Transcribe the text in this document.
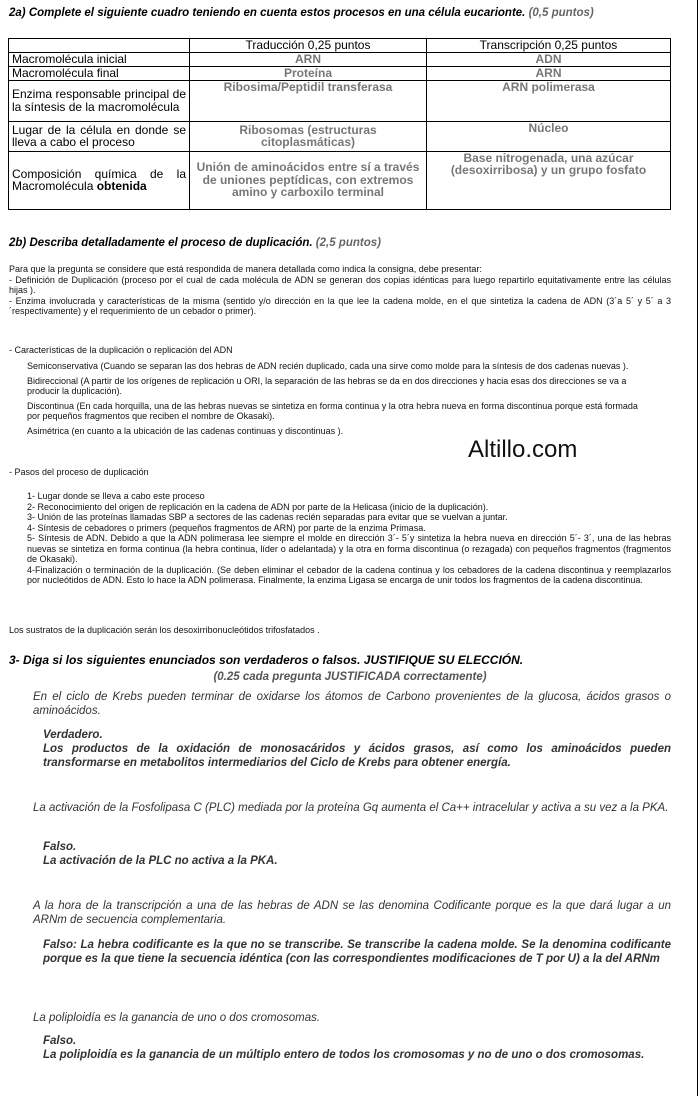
2a) Complete el siguiente cuadro teniendo en cuenta estos procesos en una célula eucarionte. (0,5 puntos)
	Traducción 0,25 puntos	Transcripción 0,25 puntos
Macromolécula inicial	ARN	ADN
Macromolécula final	Proteína	ARN
Enzima responsable principal de la síntesis de la macromolécula	Ribosima/Peptidil transferasa	ARN polimerasa
Lugar de la célula en donde se lleva a cabo el proceso	Ribosomas (estructuras citoplasmáticas)	Núcleo
Composición química de la Macromolécula obtenida	Unión de aminoácidos entre sí a través de uniones peptídicas, con extremos amino y carboxilo terminal	Base nitrogenada, una azúcar (desoxirribosa) y un grupo fosfato
2b) Describa detalladamente el proceso de duplicación. (2,5 puntos)

Para que la pregunta se considere que está respondida de manera detallada como indica la consigna, debe presentar:

- Definición de Duplicación (proceso por el cual de cada molécula de ADN se generan dos copias idénticas para luego repartirlo equitativamente entre las células hijas ).

- Enzima involucrada y características de la misma (sentido y/o dirección en la que lee la cadena molde, en el que sintetiza la cadena de ADN (3´a 5´ y 5´ a 3´respectivamente) y el requerimiento de un cebador o primer).

- Características de la duplicación o replicación del ADN

Semiconservativa (Cuando se separan las dos hebras de ADN recién duplicado, cada una sirve como molde para la síntesis de dos cadenas nuevas ).

Bidireccional (A partir de los orígenes de replicación u ORI, la separación de las hebras se da en dos direcciones y hacia esas dos direcciones se va a producir la duplicación).

Discontinua (En cada horquilla, una de las hebras nuevas se sintetiza en forma continua y la otra hebra nueva en forma discontinua porque está formada por pequeños fragmentos que reciben el nombre de Okasaki).

Asimétrica (en cuanto a la ubicación de las cadenas continuas y discontinuas ).

Altillo.com
- Pasos del proceso de duplicación

1- Lugar donde se lleva a cabo este proceso

2- Reconocimiento del origen de replicación en la cadena de ADN por parte de la Helicasa (inicio de la duplicación).

3- Unión de las proteínas llamadas SBP a sectores de las cadenas recién separadas para evitar que se vuelvan a juntar.

4- Síntesis de cebadores o primers (pequeños fragmentos de ARN) por parte de la enzima Primasa.

5- Síntesis de ADN. Debido a que la ADN polimerasa lee siempre el molde en dirección 3´- 5´y sintetiza la hebra nueva en dirección 5´- 3´, una de las hebras nuevas se sintetiza en forma continua (la hebra continua, líder o adelantada) y la otra en forma discontinua (o rezagada) con pequeños fragmentos (fragmentos de Okasaki).

4-Finalización o terminación de la duplicación. (Se deben eliminar el cebador de la cadena continua y los cebadores de la cadena discontinua y reemplazarlos por nucleótidos de ADN. Esto lo hace la ADN polimerasa. Finalmente, la enzima Ligasa se encarga de unir todos los fragmentos de la cadena discontinua.

Los sustratos de la duplicación serán los desoxirribonucleótidos trifosfatados .
3- Diga si los siguientes enunciados son verdaderos o falsos. JUSTIFIQUE SU ELECCIÓN.
(0.25 cada pregunta JUSTIFICADA correctamente)
En el ciclo de Krebs pueden terminar de oxidarse los átomos de Carbono provenientes de la glucosa, ácidos grasos o aminoácidos.

Verdadero.

Los productos de la oxidación de monosacáridos y ácidos grasos, así como los aminoácidos pueden transformarse en metabolitos intermediarios del Ciclo de Krebs para obtener energía.

La activación de la Fosfolipasa C (PLC) mediada por la proteína Gq aumenta el Ca++ intracelular y activa a su vez a la PKA.

Falso.

La activación de la PLC no activa a la PKA.

A la hora de la transcripción a una de las hebras de ADN se las denomina Codificante porque es la que dará lugar a un ARNm de secuencia complementaria.

Falso: La hebra codificante es la que no se transcribe. Se transcribe la cadena molde. Se la denomina codificante porque es la que tiene la secuencia idéntica (con las correspondientes modificaciones de T por U) a la del ARNm

La poliploidía es la ganancia de uno o dos cromosomas.

Falso.

La poliploidía es la ganancia de un múltiplo entero de todos los cromosomas y no de uno o dos cromosomas.
